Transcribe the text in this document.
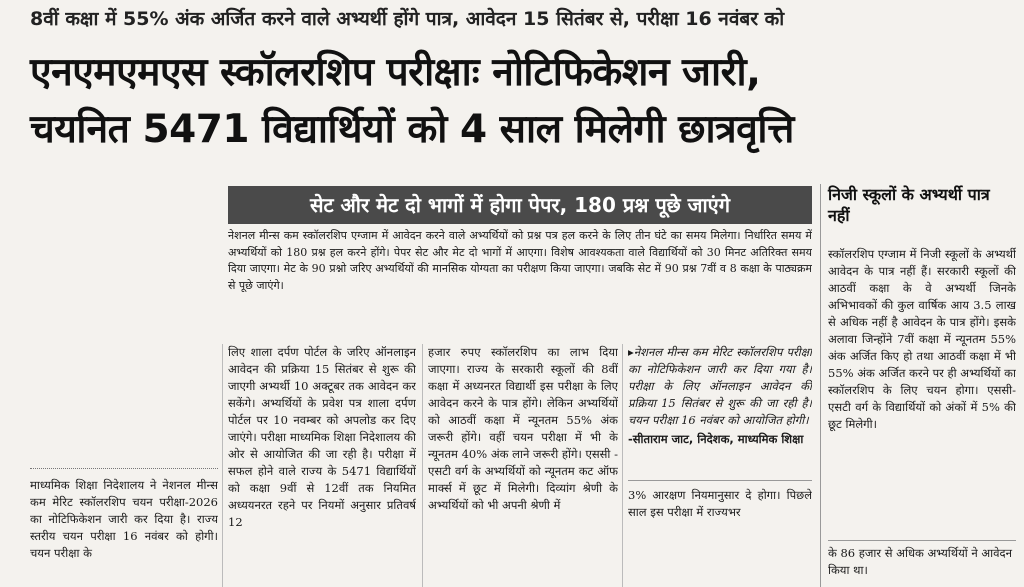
8वीं कक्षा में 55% अंक अर्जित करने वाले अभ्यर्थी होंगे पात्र, आवेदन 15 सितंबर से, परीक्षा 16 नवंबर को
एनएमएमएस स्कॉलरशिप परीक्षाः नोटिफिकेशन जारी,
चयनित 5471 विद्यार्थियों को 4 साल मिलेगी छात्रवृत्ति
सेट और मेट दो भागों में होगा पेपर, 180 प्रश्न पूछे जाएंगे
नेशनल मीन्स कम स्कॉलरशिप एग्जाम में आवेदन करने वाले अभ्यर्थियों को प्रश्न पत्र हल करने के लिए तीन घंटे का समय मिलेगा। निर्धारित समय में अभ्यर्थियों को 180 प्रश्न हल करने होंगे। पेपर सेट और मेट दो भागों में आएगा। विशेष आवश्यकता वाले विद्यार्थियों को 30 मिनट अतिरिक्त समय दिया जाएगा। मेट के 90 प्रश्नो जरिए अभ्यर्थियों की मानसिक योग्यता का परीक्षण किया जाएगा। जबकि सेट में 90 प्रश्न 7वीं व 8 कक्षा के पाठ्यक्रम से पूछे जाएंगे।
माध्यमिक शिक्षा निदेशालय ने नेशनल मीन्स कम मेरिट स्कॉलरशिप चयन परीक्षा-2026 का नोटिफिकेशन जारी कर दिया है। राज्य स्तरीय चयन परीक्षा 16 नवंबर को होगी। चयन परीक्षा के
लिए शाला दर्पण पोर्टल के जरिए ऑनलाइन आवेदन की प्रक्रिया 15 सितंबर से शुरू की जाएगी अभ्यर्थी 10 अक्टूबर तक आवेदन कर सकेंगे। अभ्यर्थियों के प्रवेश पत्र शाला दर्पण पोर्टल पर 10 नवम्बर को अपलोड कर दिए जाएंगे। परीक्षा माध्यमिक शिक्षा निदेशालय की ओर से आयोजित की जा रही है। परीक्षा में सफल होने वाले राज्य के 5471 विद्यार्थियों को कक्षा 9वीं से 12वीं तक नियमित अध्ययनरत रहने पर नियमों अनुसार प्रतिवर्ष 12
हजार रुपए स्कॉलरशिप का लाभ दिया जाएगा। राज्य के सरकारी स्कूलों की 8वीं कक्षा में अध्यनरत विद्यार्थी इस परीक्षा के लिए आवेदन करने के पात्र होंगे। लेकिन अभ्यर्थियों को आठवीं कक्षा में न्यूनतम 55% अंक जरूरी होंगे। वहीं चयन परीक्षा में भी के न्यूनतम 40% अंक लाने जरूरी होंगे। एससी - एसटी वर्ग के अभ्यर्थियों को न्यूनतम कट ऑफ मार्क्स में छूट में मिलेगी। दिव्यांग श्रेणी के अभ्यर्थियों को भी अपनी श्रेणी में
▸नेशनल मीन्स कम मेरिट स्कॉलरशिप परीक्षा का नोटिफिकेशन जारी कर दिया गया है। परीक्षा के लिए ऑनलाइन आवेदन की प्रक्रिया 15 सितंबर से शुरू की जा रही है। चयन परीक्षा 16 नवंबर को आयोजित होगी।
-सीताराम जाट, निदेशक, माध्यमिक शिक्षा
3% आरक्षण नियमानुसार दे होगा। पिछले साल इस परीक्षा में राज्यभर
निजी स्कूलों के अभ्यर्थी पात्र नहीं
स्कॉलरशिप एग्जाम में निजी स्कूलों के अभ्यर्थी आवेदन के पात्र नहीं हैं। सरकारी स्कूलों की आठवीं कक्षा के वे अभ्यर्थी जिनके अभिभावकों की कुल वार्षिक आय 3.5 लाख से अधिक नहीं है आवेदन के पात्र होंगे। इसके अलावा जिन्होंने 7वीं कक्षा में न्यूनतम 55% अंक अर्जित किए हो तथा आठवीं कक्षा में भी 55% अंक अर्जित करने पर ही अभ्यर्थियों का स्कॉलरशिप के लिए चयन होगा। एससी- एसटी वर्ग के विद्यार्थियों को अंकों में 5% की छूट मिलेगी।
के 86 हजार से अधिक अभ्यर्थियों ने आवेदन किया था।
